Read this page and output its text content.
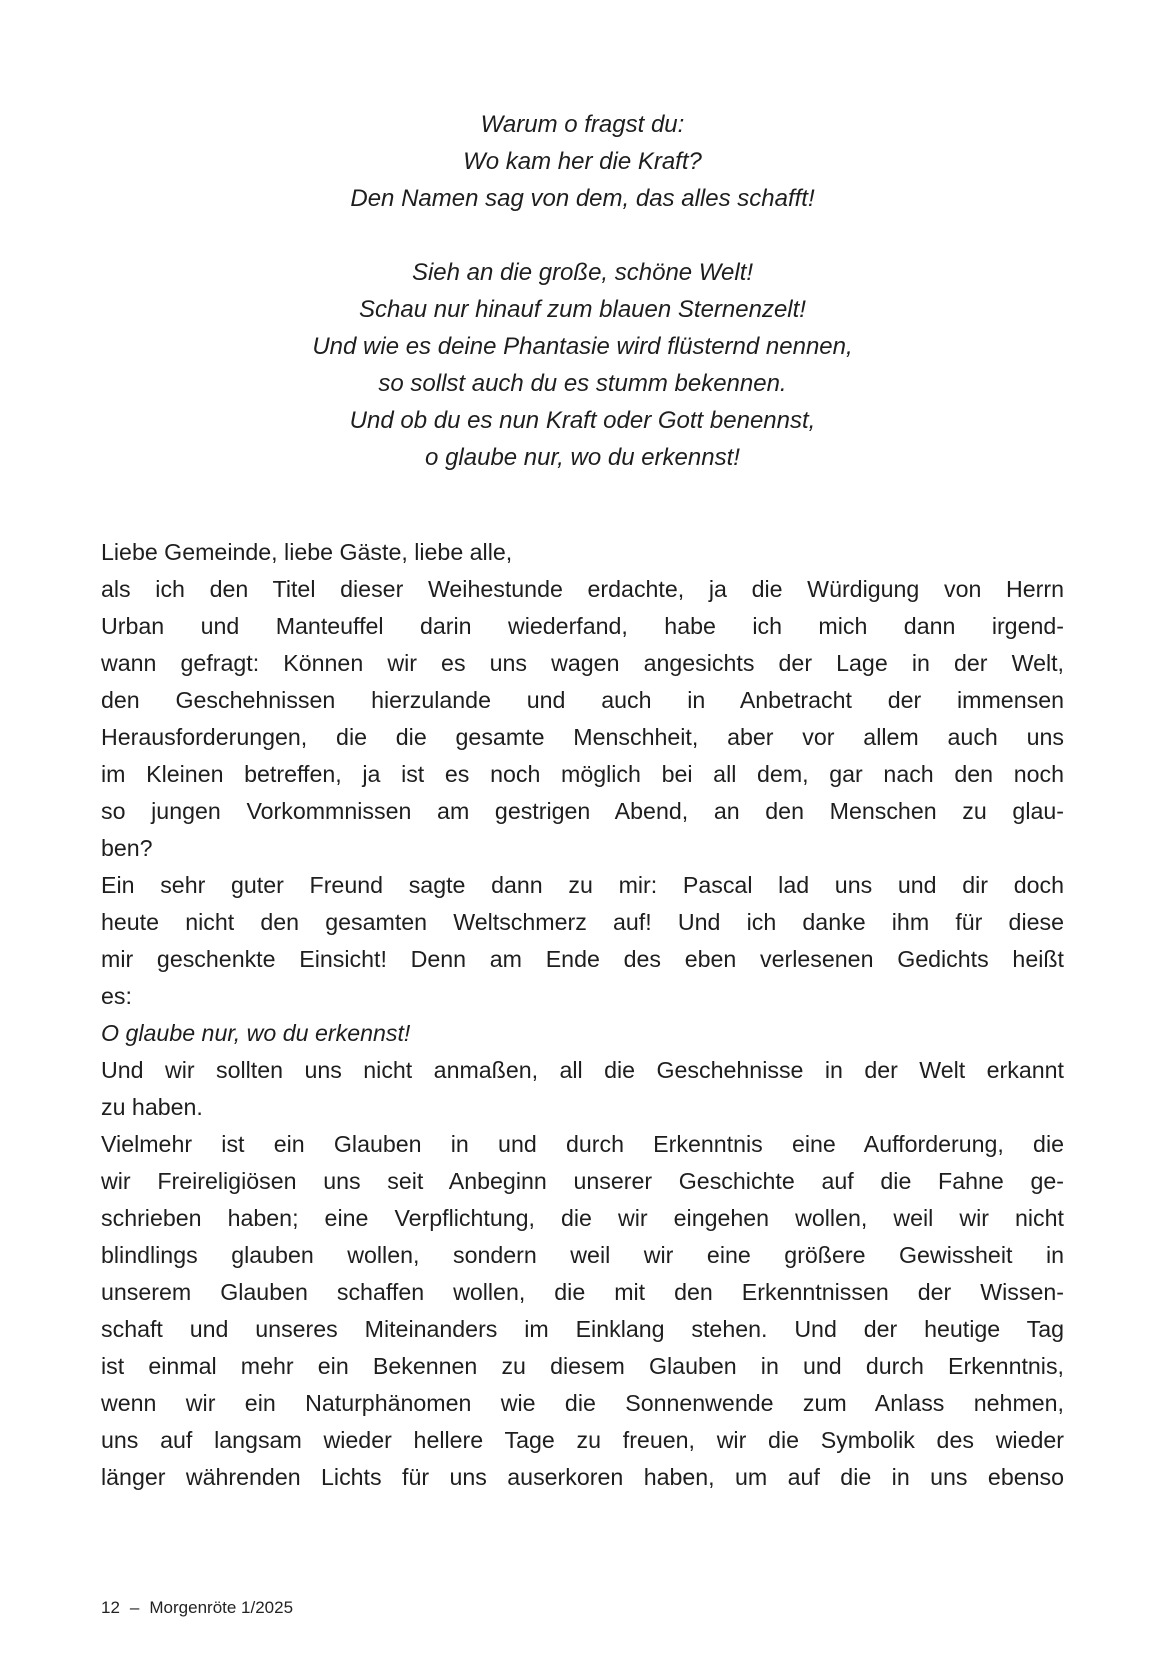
Warum o fragst du:
Wo kam her die Kraft?
Den Namen sag von dem, das alles schafft!
Sieh an die große, schöne Welt!
Schau nur hinauf zum blauen Sternenzelt!
Und wie es deine Phantasie wird flüsternd nennen,
so sollst auch du es stumm bekennen.
Und ob du es nun Kraft oder Gott benennst,
o glaube nur, wo du erkennst!
Liebe Gemeinde, liebe Gäste, liebe alle,
als ich den Titel dieser Weihestunde erdachte, ja die Würdigung von Herrn
Urban und Manteuffel darin wiederfand, habe ich mich dann irgend-
wann gefragt: Können wir es uns wagen angesichts der Lage in der Welt,
den Geschehnissen hierzulande und auch in Anbetracht der immensen
Herausforderungen, die die gesamte Menschheit, aber vor allem auch uns
im Kleinen betreffen, ja ist es noch möglich bei all dem, gar nach den noch
so jungen Vorkommnissen am gestrigen Abend, an den Menschen zu glau-
ben?
Ein sehr guter Freund sagte dann zu mir: Pascal lad uns und dir doch
heute nicht den gesamten Weltschmerz auf! Und ich danke ihm für diese
mir geschenkte Einsicht! Denn am Ende des eben verlesenen Gedichts heißt
es:
O glaube nur, wo du erkennst!
Und wir sollten uns nicht anmaßen, all die Geschehnisse in der Welt erkannt
zu haben.
Vielmehr ist ein Glauben in und durch Erkenntnis eine Aufforderung, die
wir Freireligiösen uns seit Anbeginn unserer Geschichte auf die Fahne ge-
schrieben haben; eine Verpflichtung, die wir eingehen wollen, weil wir nicht
blindlings glauben wollen, sondern weil wir eine größere Gewissheit in
unserem Glauben schaffen wollen, die mit den Erkenntnissen der Wissen-
schaft und unseres Miteinanders im Einklang stehen. Und der heutige Tag
ist einmal mehr ein Bekennen zu diesem Glauben in und durch Erkenntnis,
wenn wir ein Naturphänomen wie die Sonnenwende zum Anlass nehmen,
uns auf langsam wieder hellere Tage zu freuen, wir die Symbolik des wieder
länger währenden Lichts für uns auserkoren haben, um auf die in uns ebenso
12 – Morgenröte 1/2025
